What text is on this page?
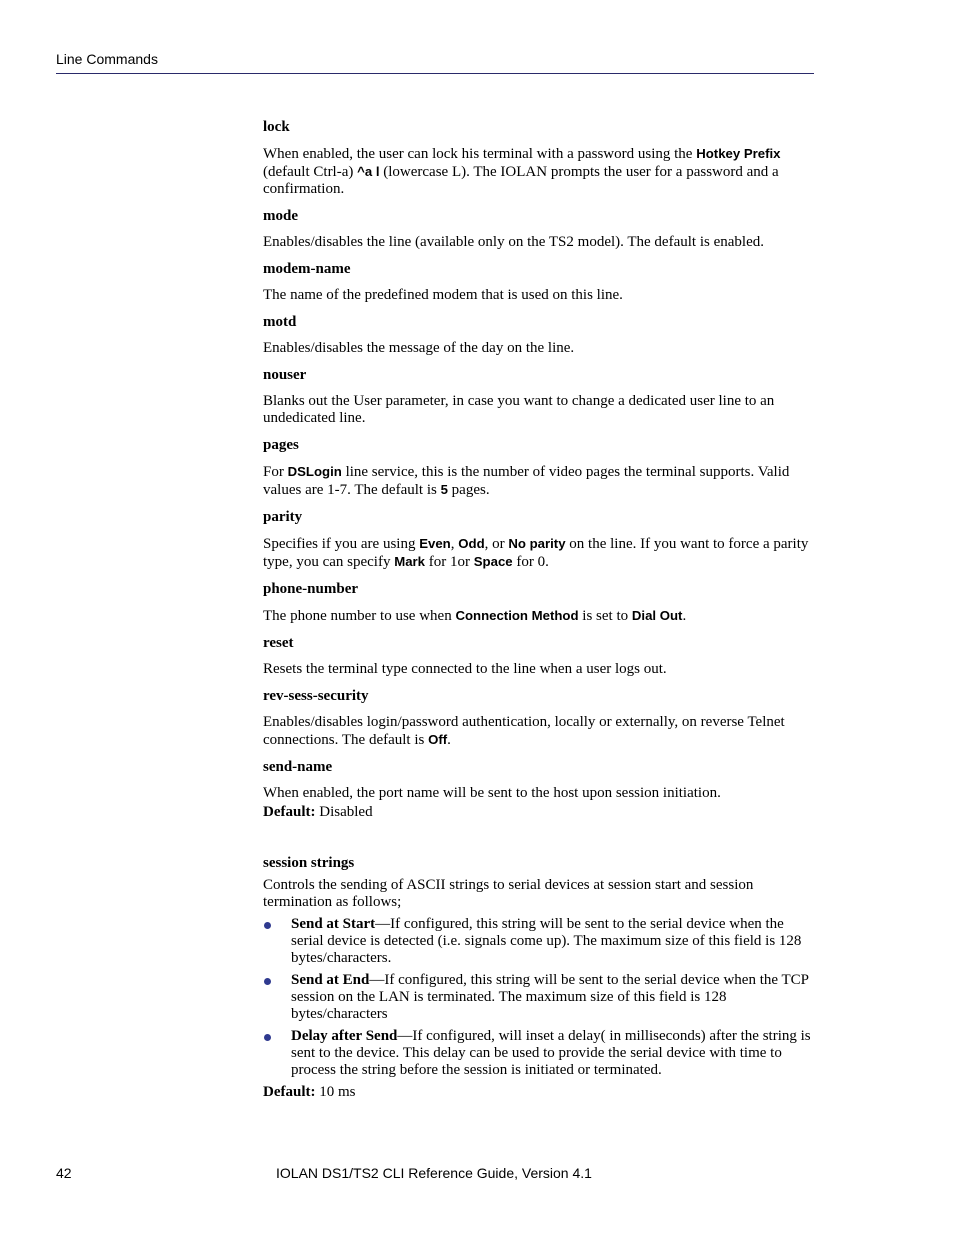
Line Commands
lock
When enabled, the user can lock his terminal with a password using the Hotkey Prefix (default Ctrl-a) ^a l (lowercase L). The IOLAN prompts the user for a password and a confirmation.
mode
Enables/disables the line (available only on the TS2 model). The default is enabled.
modem-name
The name of the predefined modem that is used on this line.
motd
Enables/disables the message of the day on the line.
nouser
Blanks out the User parameter, in case you want to change a dedicated user line to an undedicated line.
pages
For DSLogin line service, this is the number of video pages the terminal supports. Valid values are 1-7. The default is 5 pages.
parity
Specifies if you are using Even, Odd, or No parity on the line. If you want to force a parity type, you can specify Mark for 1or Space for 0.
phone-number
The phone number to use when Connection Method is set to Dial Out.
reset
Resets the terminal type connected to the line when a user logs out.
rev-sess-security
Enables/disables login/password authentication, locally or externally, on reverse Telnet connections. The default is Off.
send-name
When enabled, the port name will be sent to the host upon session initiation.
Default: Disabled
session strings
Controls the sending of ASCII strings to serial devices at session start and session termination as follows;
Send at Start—If configured, this string will be sent to the serial device when the serial device is detected (i.e. signals come up). The maximum size of this field is 128 bytes/characters.
Send at End—If configured, this string will be sent to the serial device when the TCP session on the LAN is terminated. The maximum size of this field is 128 bytes/characters
Delay after Send—If configured, will inset a delay( in milliseconds) after the string is sent to the device. This delay can be used to provide the serial device with time to process the string before the session is initiated or terminated.
Default: 10 ms
42	IOLAN DS1/TS2 CLI Reference Guide, Version 4.1
